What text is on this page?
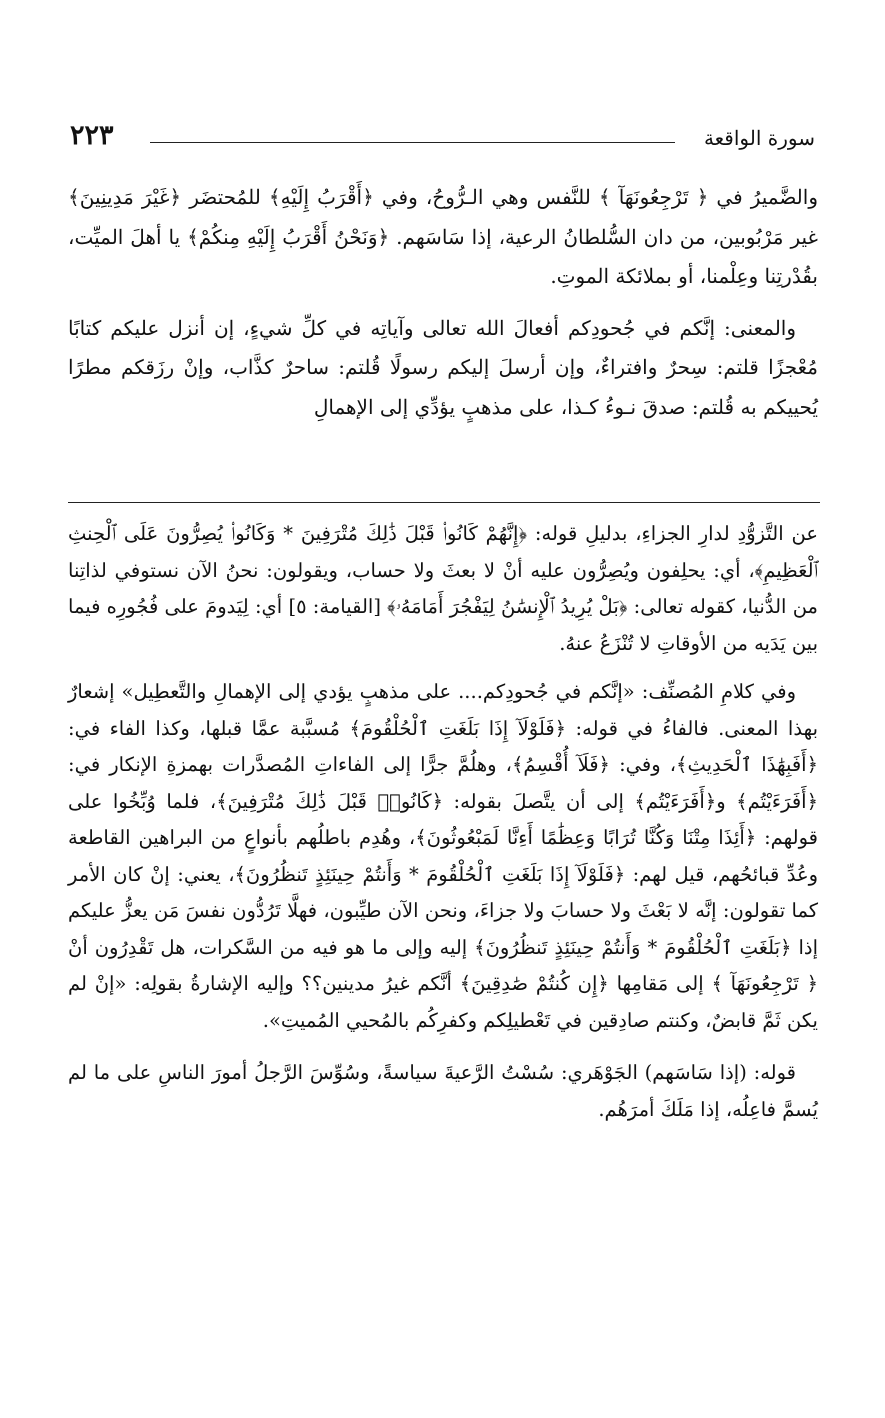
سورة الواقعة
٢٢٣

والضَّميرُ في ﴿ تَرْجِعُونَهَآ ﴾ للنَّفس وهي الـرُّوحُ، وفي ﴿أَقْرَبُ إِلَيْهِ﴾ للمُحتضَر ﴿غَيْرَ مَدِينِينَ﴾ غير مَرْبُوبين، من دان السُّلطانُ الرعية، إذا سَاسَهم. ﴿وَنَحْنُ أَقْرَبُ إِلَيْهِ مِنكُمْ﴾ يا أهلَ الميِّت، بقُدْرتِنا وعِلْمنا، أو بملائكة الموتِ.

والمعنى: إنَّكم في جُحودِكم أفعالَ الله تعالى وآياتِه في كلِّ شيءٍ، إن أنزل عليكم كتابًا مُعْجزًا قلتم: سِحرٌ وافتراءٌ، وإن أرسلَ إليكم رسولًا قُلتم: ساحرٌ كذَّاب، وإنْ رزَقكم مطرًا يُحييكم به قُلتم: صدقَ نـوءُ كـذا، على مذهبٍ يؤدِّي إلى الإهمالِ

عن التَّزوُّدِ لدارِ الجزاءِ، بدليلِ قوله: ﴿إِنَّهُمْ كَانُوا۟ قَبْلَ ذَٰلِكَ مُتْرَفِينَ * وَكَانُوا۟ يُصِرُّونَ عَلَى ٱلْحِنثِ ٱلْعَظِيمِ﴾، أي: يحلِفون ويُصِرُّون عليه أنْ لا بعثَ ولا حساب، ويقولون: نحنُ الآن نستوفي لذاتِنا من الدُّنيا، كقوله تعالى: ﴿بَلْ يُرِيدُ ٱلْإِنسَٰنُ لِيَفْجُرَ أَمَامَهُۥ﴾ [القيامة: ٥] أي: لِيَدومَ على فُجُورِه فيما بين يَدَيه من الأوقاتِ لا تُنْزَعُ عنهُ.

وفي كلامِ المُصنِّف: «إنَّكم في جُحودِكم.... على مذهبٍ يؤدي إلى الإهمالِ والتَّعطِيل» إشعارٌ بهذا المعنى. فالفاءُ في قوله: ﴿فَلَوْلَآ إِذَا بَلَغَتِ ٱلْحُلْقُومَ﴾ مُسبَّبة عمَّا قبلها، وكذا الفاء في: ﴿أَفَبِهَٰذَا ٱلْحَدِيثِ﴾، وفي: ﴿فَلَآ أُقْسِمُ﴾، وهلُمَّ جرًّا إلى الفاءاتِ المُصدَّرات بهمزةِ الإنكار في: ﴿أَفَرَءَيْتُم﴾ و﴿أَفَرَءَيْتُم﴾ إلى أن يتَّصلَ بقوله: ﴿كَانُوا۟ قَبْلَ ذَٰلِكَ مُتْرَفِينَ﴾، فلما وُبِّخُوا على قولهم: ﴿أَئِذَا مِتْنَا وَكُنَّا تُرَابًا وَعِظَٰمًا أَءِنَّا لَمَبْعُوثُونَ﴾، وهُدِم باطلُهم بأنواعٍ من البراهين القاطعة وعُدِّ قبائحُهم، قيل لهم: ﴿فَلَوْلَآ إِذَا بَلَغَتِ ٱلْحُلْقُومَ * وَأَنتُمْ حِينَئِذٍ تَنظُرُونَ﴾، يعني: إنْ كان الأمر كما تقولون: إنَّه لا بَعْثَ ولا حسابَ ولا جزاءَ، ونحن الآن طيِّبون، فهلَّا تَرُدُّون نفسَ مَن يعزُّ عليكم إذا ﴿بَلَغَتِ ٱلْحُلْقُومَ * وَأَنتُمْ حِينَئِذٍ تَنظُرُونَ﴾ إليه وإلى ما هو فيه من السَّكرات، هل تَقْدِرُون أنْ ﴿ تَرْجِعُونَهَآ ﴾ إلى مَقامِها ﴿إِن كُنتُمْ صَٰدِقِينَ﴾ أنَّكم غيرُ مدينين؟؟ وإليه الإشارةُ بقولِه: «إنْ لم يكن ثَمَّ قابضٌ، وكنتم صادِقين في تَعْطيلِكم وكفرِكُم بالمُحيي المُميتِ».

قوله: (إذا سَاسَهم) الجَوْهَري: سُسْتُ الرَّعيةَ سياسةً، وسُوِّسَ الرَّجلُ أمورَ الناسِ على ما لم يُسمَّ فاعِلُه، إذا مَلَكَ أمرَهُم.
